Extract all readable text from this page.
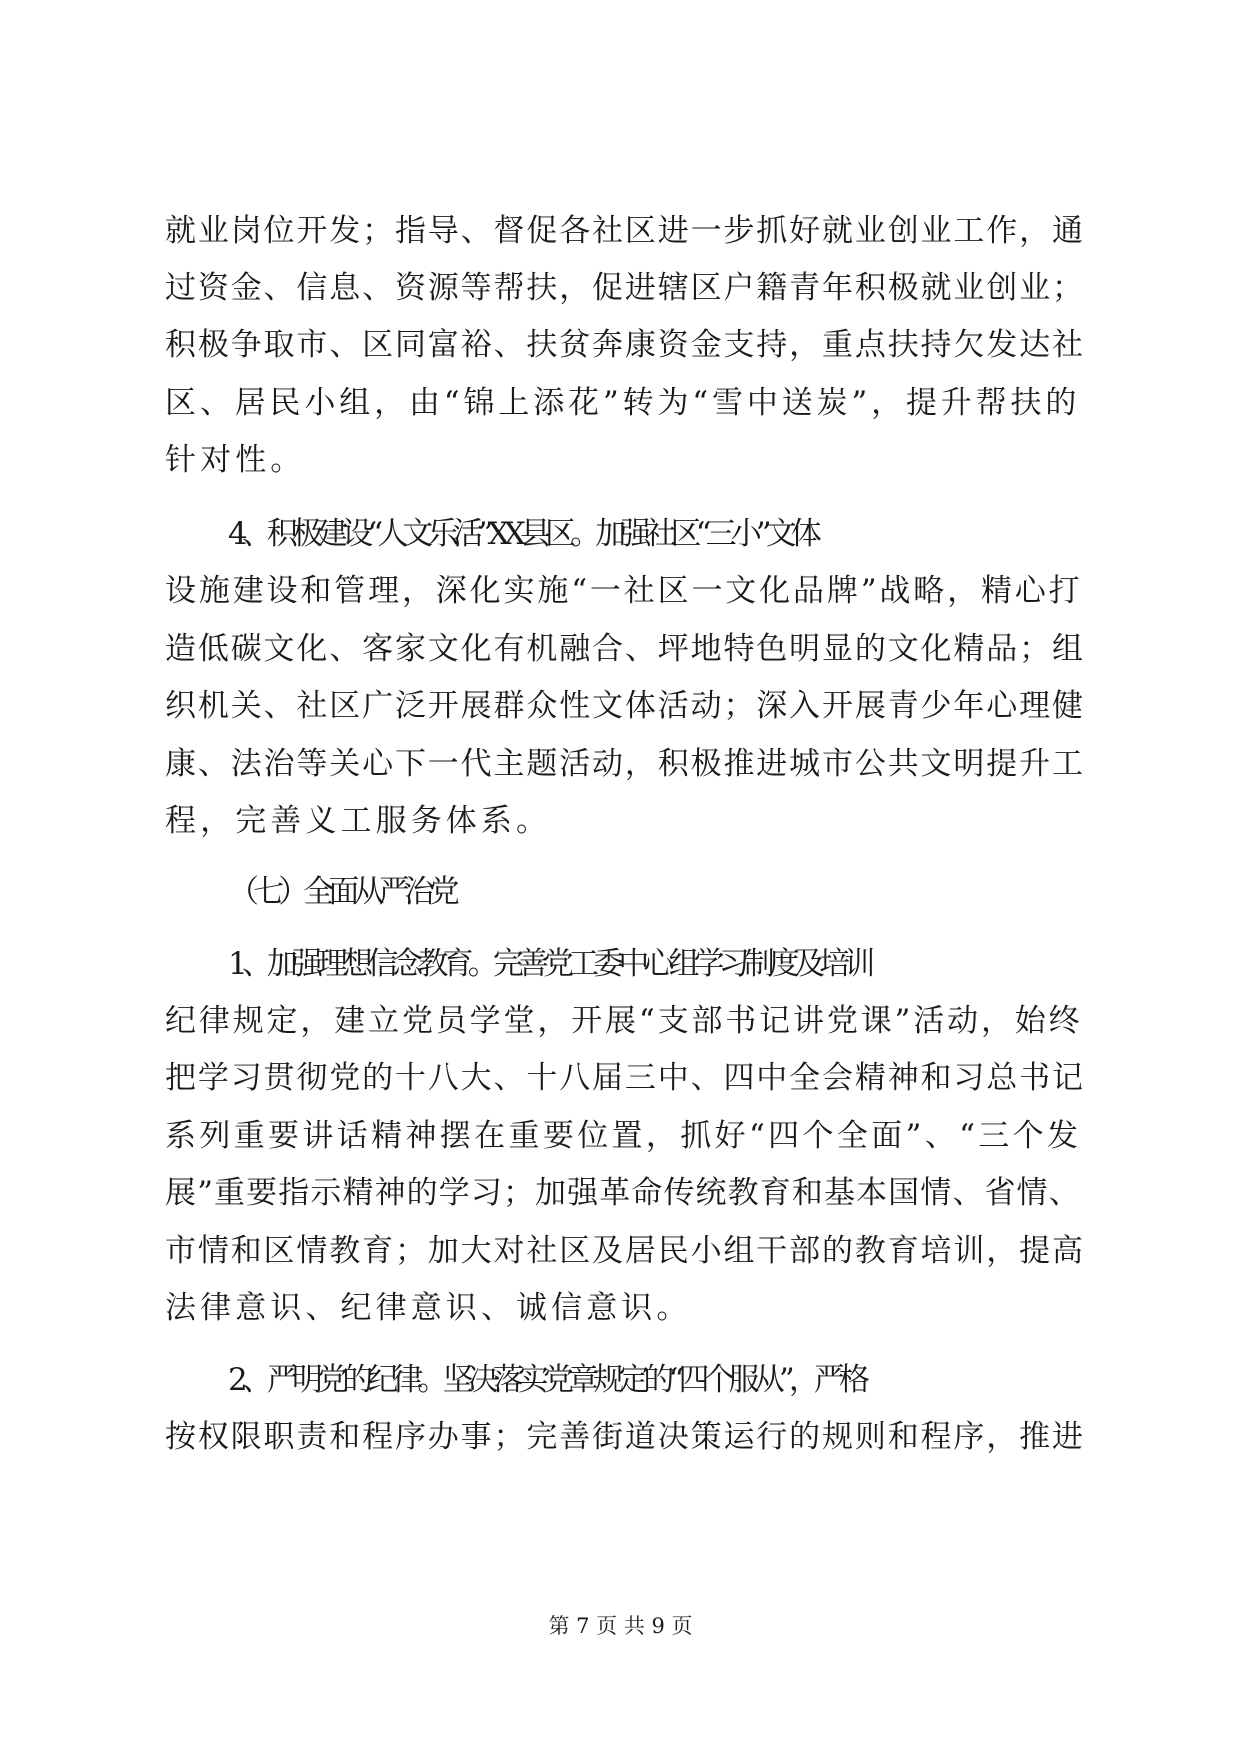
就业岗位开发；指导、督促各社区进一步抓好就业创业工作，通
过资金、信息、资源等帮扶，促进辖区户籍青年积极就业创业；
积极争取市、区同富裕、扶贫奔康资金支持，重点扶持欠发达社
区、居民小组，由“锦上添花”转为“雪中送炭”，提升帮扶的
针对性。
4、积极建设“人文乐活”XX县区。加强社区“三小”文体
设施建设和管理，深化实施“一社区一文化品牌”战略，精心打
造低碳文化、客家文化有机融合、坪地特色明显的文化精品；组
织机关、社区广泛开展群众性文体活动；深入开展青少年心理健
康、法治等关心下一代主题活动，积极推进城市公共文明提升工
程，完善义工服务体系。
（七）全面从严治党
1、加强理想信念教育。完善党工委中心组学习制度及培训
纪律规定，建立党员学堂，开展“支部书记讲党课”活动，始终
把学习贯彻党的十八大、十八届三中、四中全会精神和习总书记
系列重要讲话精神摆在重要位置，抓好“四个全面”、“三个发
展”重要指示精神的学习；加强革命传统教育和基本国情、省情、
市情和区情教育；加大对社区及居民小组干部的教育培训，提高
法律意识、纪律意识、诚信意识。
2、严明党的纪律。坚决落实党章规定的“四个服从”，严格
按权限职责和程序办事；完善街道决策运行的规则和程序，推进
第 7 页 共 9 页
